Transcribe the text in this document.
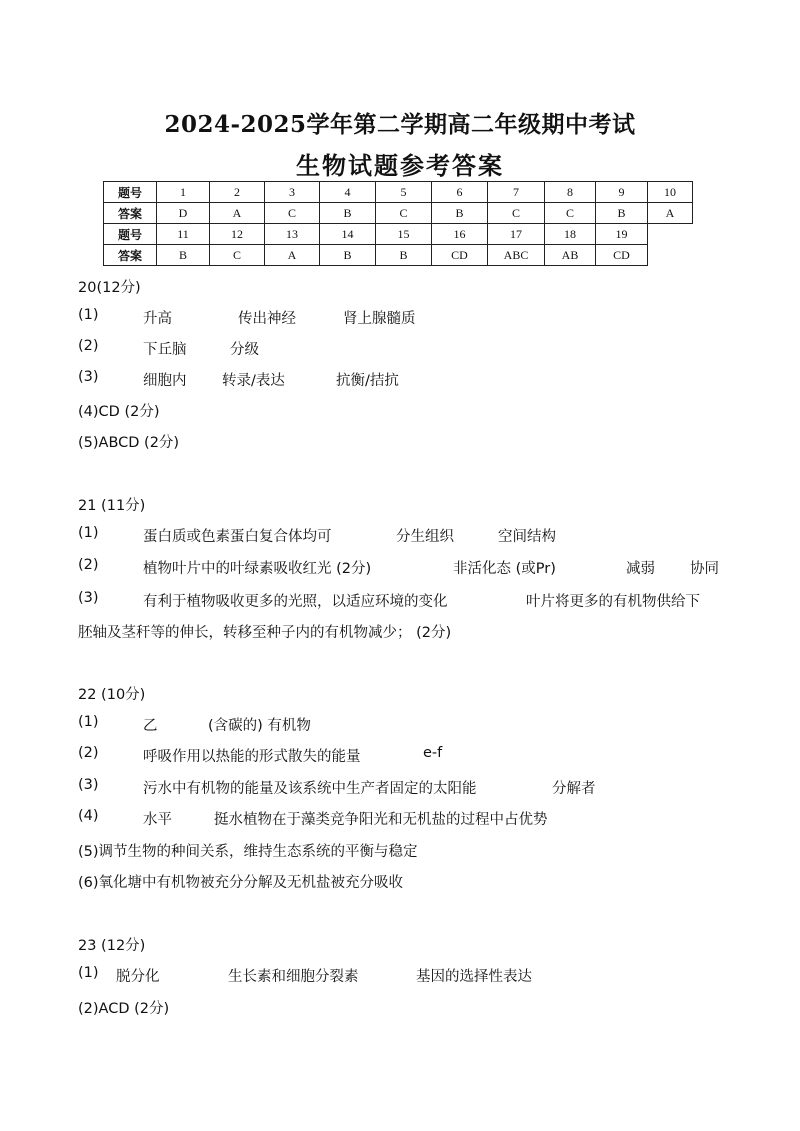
2024-2025学年第二学期高二年级期中考试
生物试题参考答案
题号	1	2	3	4	5	6	7	8	9	10
答案	D	A	C	B	C	B	C	C	B	A
题号	11	12	13	14	15	16	17	18	19	
答案	B	C	A	B	B	CD	ABC	AB	CD	
20(12分)
(1)	升高	传出神经	肾上腺髓质
(2)	下丘脑	分级
(3)	细胞内 转录/表达	抗衡/拮抗
(4)CD (2分)
(5)ABCD (2分)
21 (11分)
(1)	蛋白质或色素蛋白复合体均可	分生组织	空间结构
(2)	植物叶片中的叶绿素吸收红光 (2分)	非活化态 (或Pr)	减弱 协同
(3)	有利于植物吸收更多的光照，以适应环境的变化	叶片将更多的有机物供给下
胚轴及茎秆等的伸长，转移至种子内的有机物减少； (2分)
22 (10分)
(1)	乙	(含碳的) 有机物
(2)	呼吸作用以热能的形式散失的能量	e-f
(3)	污水中有机物的能量及该系统中生产者固定的太阳能	分解者
(4)	水平	挺水植物在于藻类竞争阳光和无机盐的过程中占优势
(5)调节生物的种间关系，维持生态系统的平衡与稳定
(6)氧化塘中有机物被充分分解及无机盐被充分吸收
23 (12分)
(1) 脱分化	生长素和细胞分裂素	基因的选择性表达
(2)ACD (2分)
